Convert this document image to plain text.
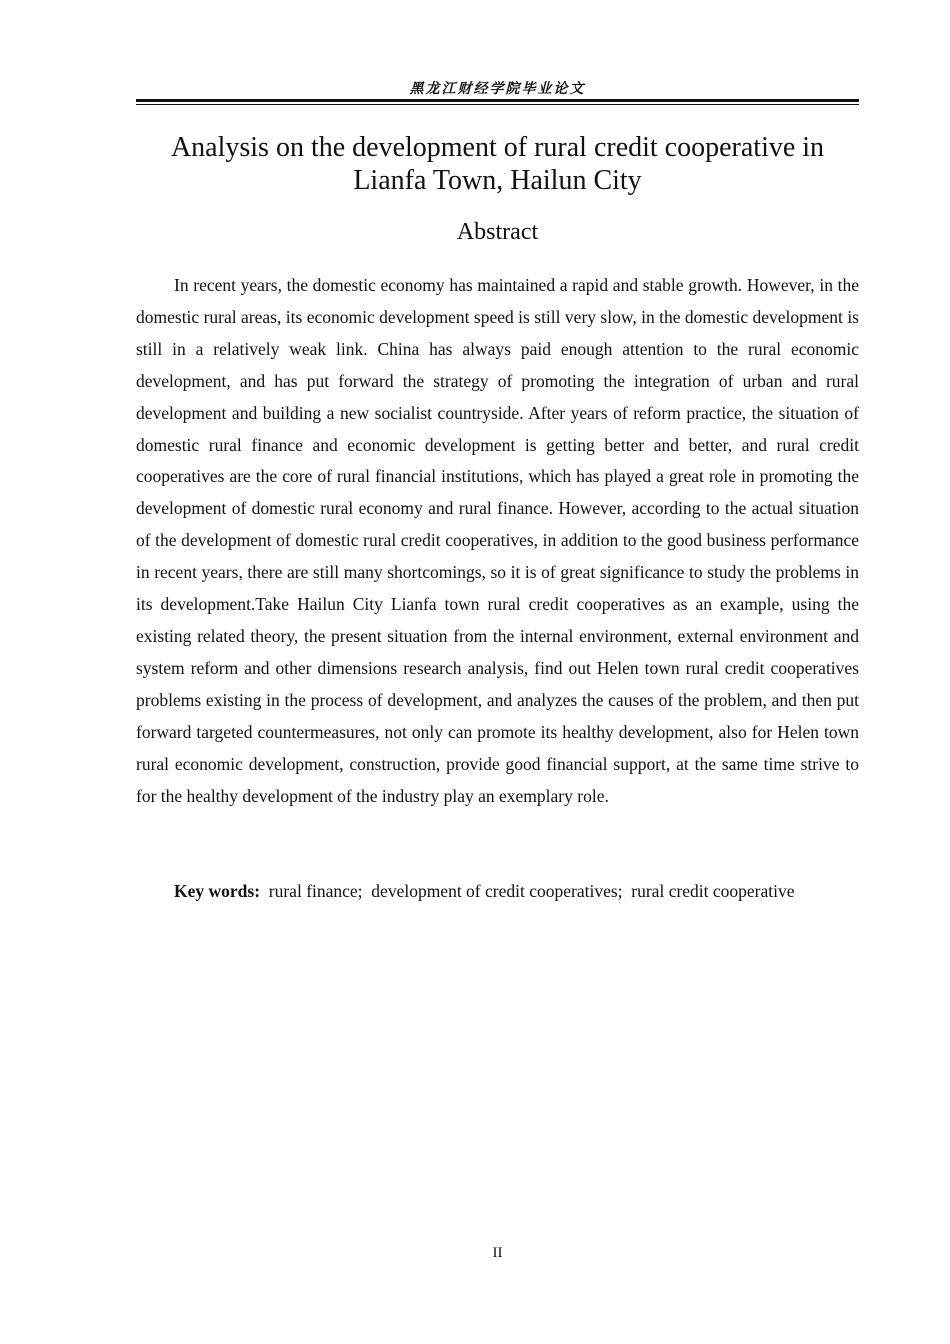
黑龙江财经学院毕业论文
Analysis on the development of rural credit cooperative in Lianfa Town, Hailun City
Abstract

In recent years, the domestic economy has maintained a rapid and stable growth. However, in the domestic rural areas, its economic development speed is still very slow, in the domestic development is still in a relatively weak link. China has always paid enough attention to the rural economic development, and has put forward the strategy of promoting the integration of urban and rural development and building a new socialist countryside. After years of reform practice, the situation of domestic rural finance and economic development is getting better and better, and rural credit cooperatives are the core of rural financial institutions, which has played a great role in promoting the development of domestic rural economy and rural finance. However, according to the actual situation of the development of domestic rural credit cooperatives, in addition to the good business performance in recent years, there are still many shortcomings, so it is of great significance to study the problems in its development.Take Hailun City Lianfa town rural credit cooperatives as an example, using the existing related theory, the present situation from the internal environment, external environment and system reform and other dimensions research analysis, find out Helen town rural credit cooperatives problems existing in the process of development, and analyzes the causes of the problem, and then put forward targeted countermeasures, not only can promote its healthy development, also for Helen town rural economic development, construction, provide good financial support, at the same time strive to for the healthy development of the industry play an exemplary role.

Key words: rural finance; development of credit cooperatives; rural credit cooperative

II
